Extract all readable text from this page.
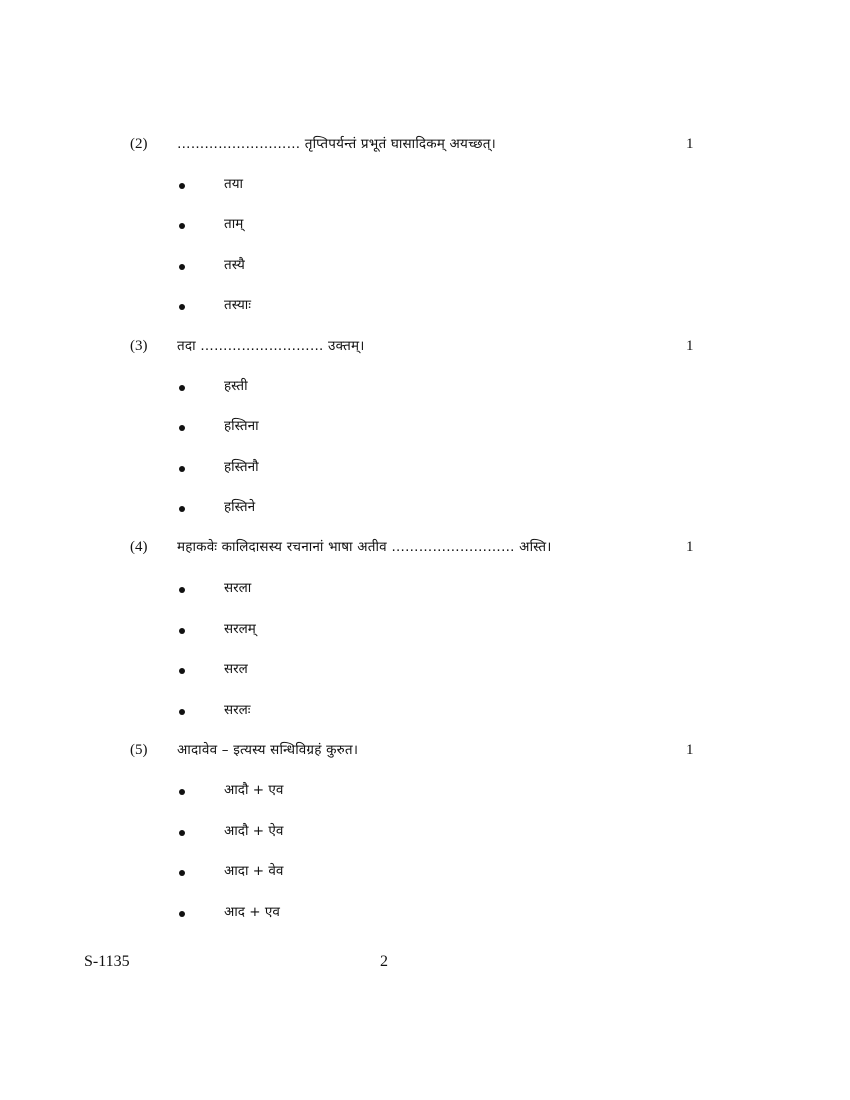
(2) ……………………… तृप्तिपर्यन्तं प्रभूतं घासादिकम् अयच्छत्।	1
तया
ताम्
तस्यै
तस्याः
(3) तदा ……………………… उक्तम्।	1
हस्ती
हस्तिना
हस्तिनौ
हस्तिने
(4) महाकवेः कालिदासस्य रचनानां भाषा अतीव ……………………… अस्ति।	1
सरला
सरलम्
सरल
सरलः
(5) आदावेव – इत्यस्य सन्धिविग्रहं कुरुत।	1
आदौ + एव
आदौ + ऐव
आदा + वेव
आद + एव
S-1135	2
